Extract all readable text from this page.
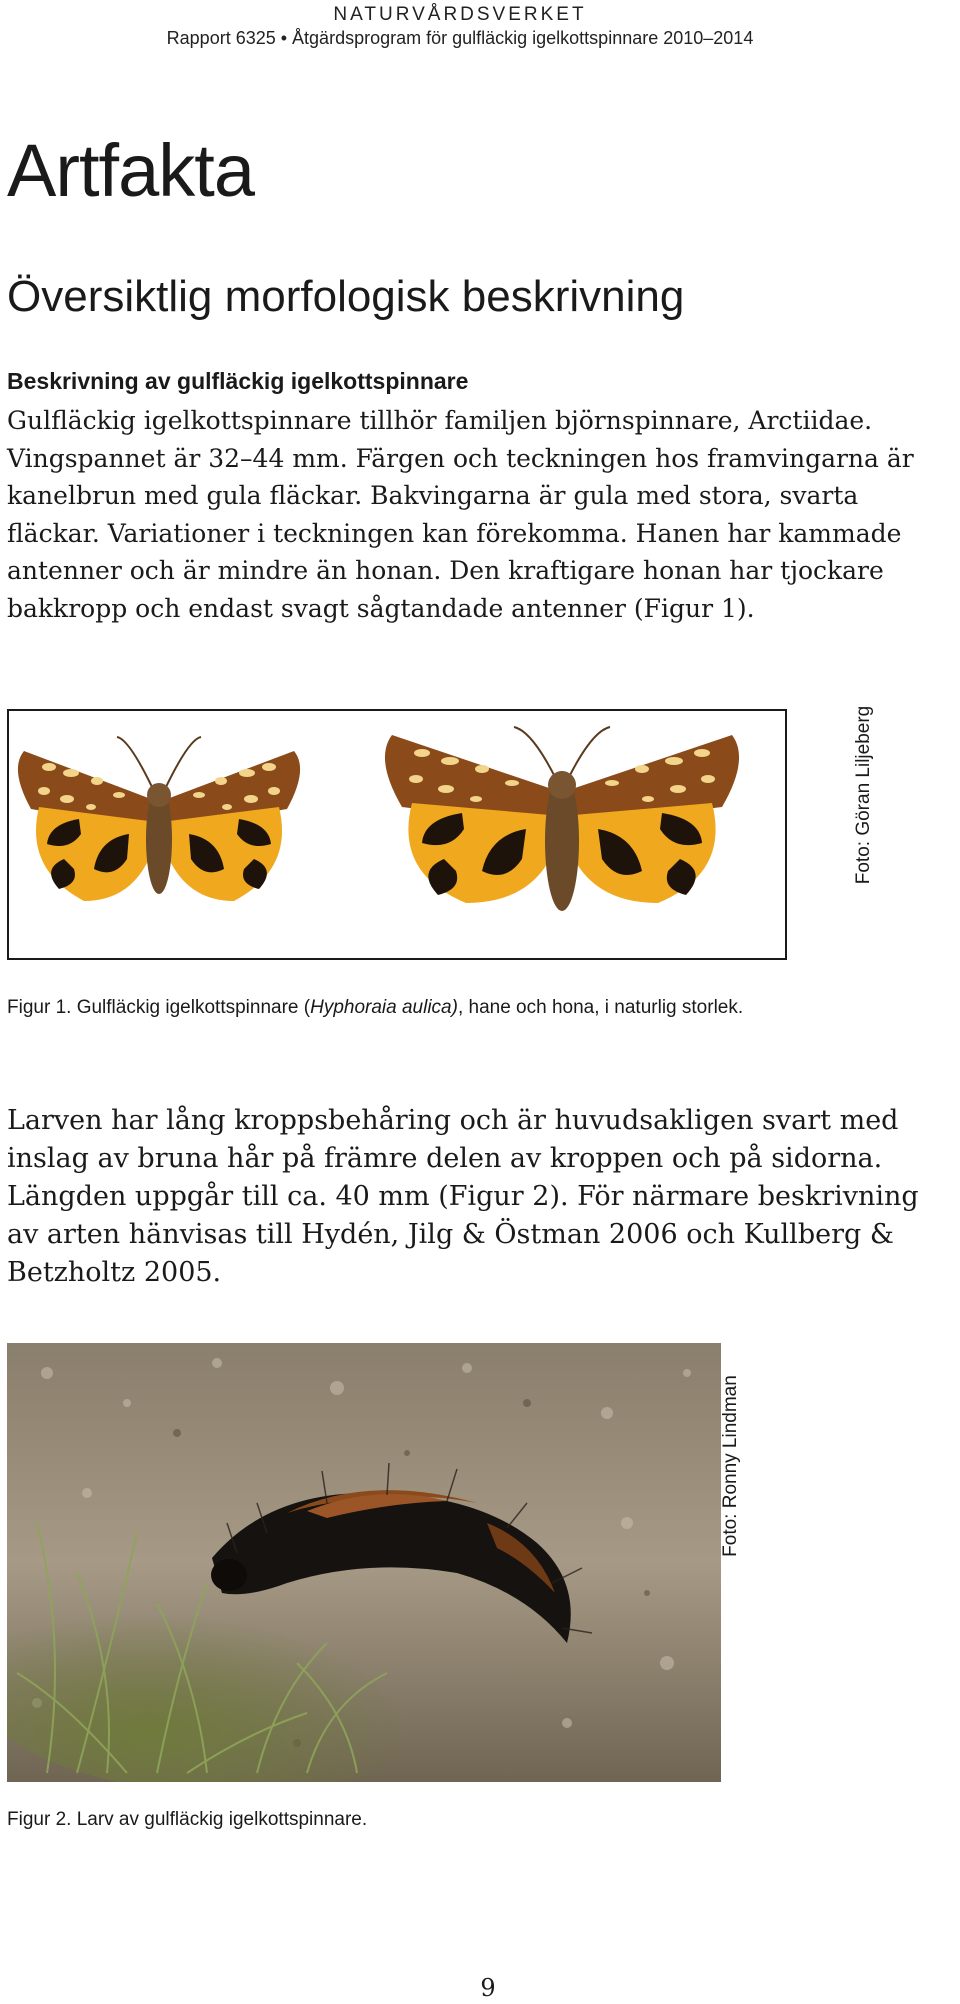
NATURVÅRDSVERKET
Rapport 6325 • Åtgärdsprogram för gulfläckig igelkottspinnare 2010–2014
Artfakta
Översiktlig morfologisk beskrivning
Beskrivning av gulfläckig igelkottspinnare

Gulfläckig igelkottspinnare tillhör familjen björnspinnare, Arctiidae. Vingspannet är 32–44 mm. Färgen och teckningen hos framvingarna är kanelbrun med gula fläckar. Bakvingarna är gula med stora, svarta fläckar. Variationer i teckningen kan förekomma. Hanen har kammade antenner och är mindre än honan. Den kraftigare honan har tjockare bakkropp och endast svagt sågtandade antenner (Figur 1).

Foto: Göran Liljeberg
Figur 1. Gulfläckig igelkottspinnare (Hyphoraia aulica), hane och hona, i naturlig storlek.

Larven har lång kroppsbehåring och är huvudsakligen svart med inslag av bruna hår på främre delen av kroppen och på sidorna. Längden uppgår till ca. 40 mm (Figur 2). För närmare beskrivning av arten hänvisas till Hydén, Jilg & Östman 2006 och Kullberg & Betzholtz 2005.

Foto: Ronny Lindman
Figur 2. Larv av gulfläckig igelkottspinnare.
9
